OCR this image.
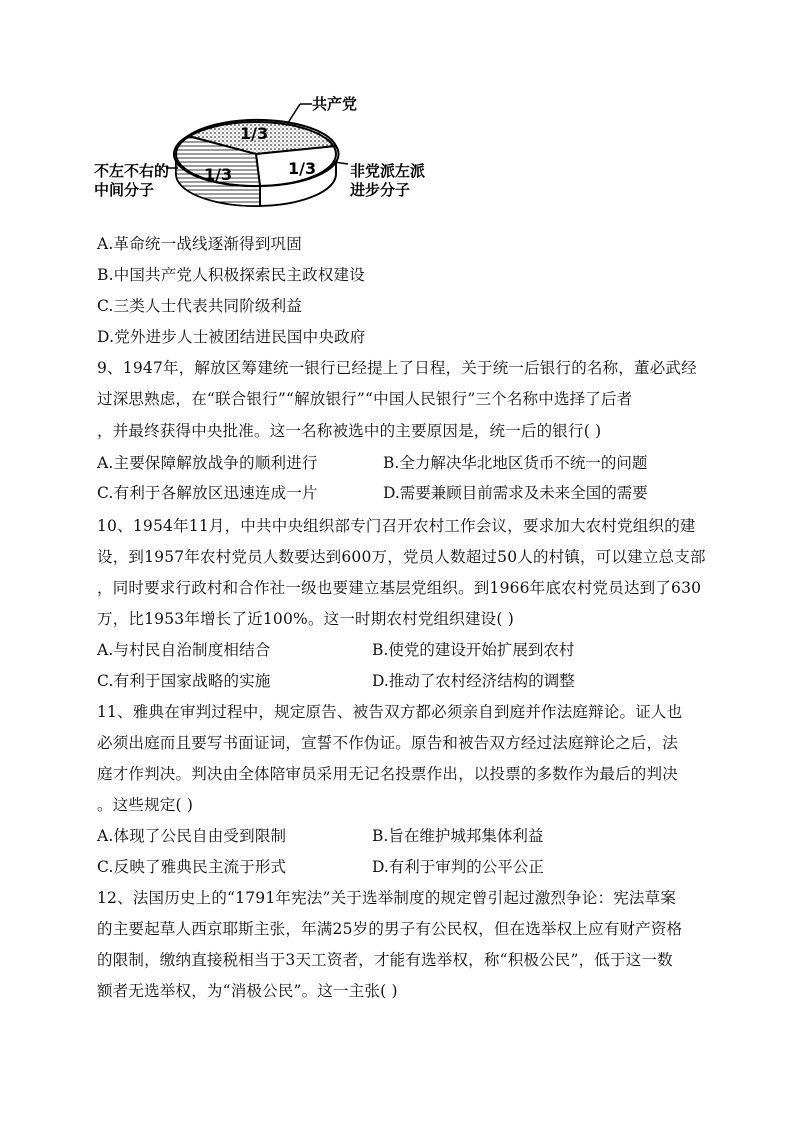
1/3
1/3
1/3
共产党
非党派左派
进步分子
不左不右的
中间分子
A.革命统一战线逐渐得到巩固
B.中国共产党人积极探索民主政权建设
C.三类人士代表共同阶级利益
D.党外进步人士被团结进民国中央政府
9、1947年，解放区筹建统一银行已经提上了日程，关于统一后银行的名称，董必武经
过深思熟虑，在“联合银行”“解放银行”“中国人民银行”三个名称中选择了后者
，并最终获得中央批准。这一名称被选中的主要原因是，统一后的银行( )
A.主要保障解放战争的顺利进行	B.全力解决华北地区货币不统一的问题
C.有利于各解放区迅速连成一片	D.需要兼顾目前需求及未来全国的需要
10、1954年11月，中共中央组织部专门召开农村工作会议，要求加大农村党组织的建
设，到1957年农村党员人数要达到600万，党员人数超过50人的村镇，可以建立总支部
，同时要求行政村和合作社一级也要建立基层党组织。到1966年底农村党员达到了630
万，比1953年增长了近100%。这一时期农村党组织建设( )
A.与村民自治制度相结合	B.使党的建设开始扩展到农村
C.有利于国家战略的实施	D.推动了农村经济结构的调整
11、雅典在审判过程中，规定原告、被告双方都必须亲自到庭并作法庭辩论。证人也
必须出庭而且要写书面证词，宣誓不作伪证。原告和被告双方经过法庭辩论之后，法
庭才作判决。判决由全体陪审员采用无记名投票作出，以投票的多数作为最后的判决
。这些规定( )
A.体现了公民自由受到限制	B.旨在维护城邦集体利益
C.反映了雅典民主流于形式	D.有利于审判的公平公正
12、法国历史上的“1791年宪法”关于选举制度的规定曾引起过激烈争论：宪法草案
的主要起草人西京耶斯主张，年满25岁的男子有公民权，但在选举权上应有财产资格
的限制，缴纳直接税相当于3天工资者，才能有选举权，称“积极公民”，低于这一数
额者无选举权，为“消极公民”。这一主张( )
